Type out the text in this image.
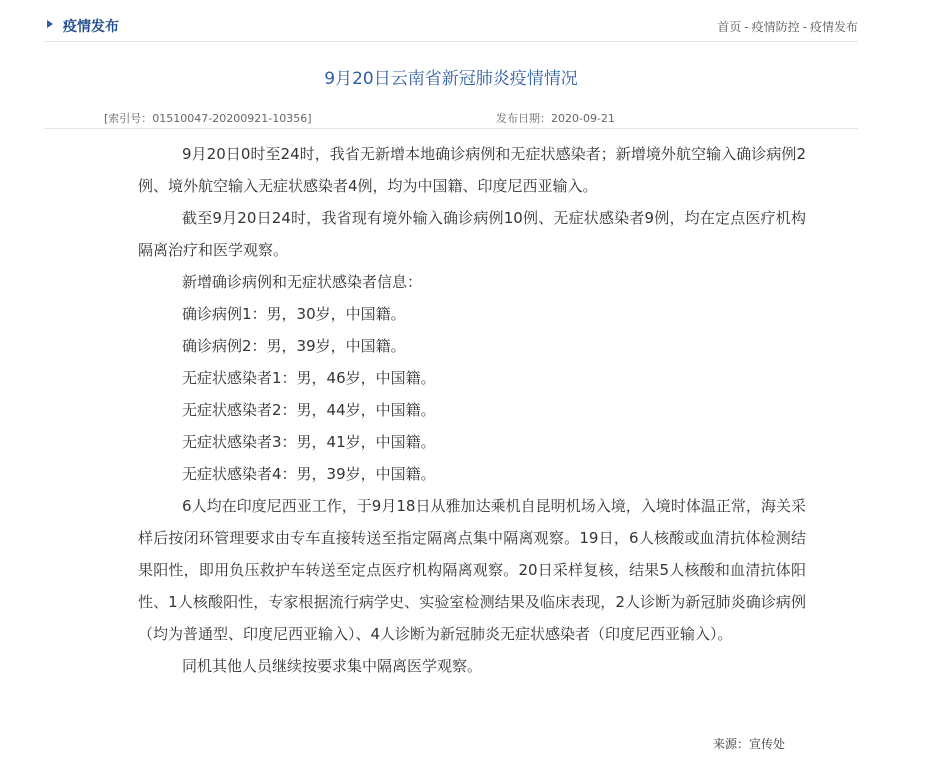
疫情发布	首页 - 疫情防控 - 疫情发布
9月20日云南省新冠肺炎疫情情况
[索引号：01510047-20200921-10356]	发布日期：2020-09-21

9月20日0时至24时，我省无新增本地确诊病例和无症状感染者；新增境外航空输入确诊病例2例、境外航空输入无症状感染者4例，均为中国籍、印度尼西亚输入。

截至9月20日24时，我省现有境外输入确诊病例10例、无症状感染者9例，均在定点医疗机构隔离治疗和医学观察。

新增确诊病例和无症状感染者信息：

确诊病例1：男，30岁，中国籍。

确诊病例2：男，39岁，中国籍。

无症状感染者1：男，46岁，中国籍。

无症状感染者2：男，44岁，中国籍。

无症状感染者3：男，41岁，中国籍。

无症状感染者4：男，39岁，中国籍。

6人均在印度尼西亚工作，于9月18日从雅加达乘机自昆明机场入境，入境时体温正常，海关采样后按闭环管理要求由专车直接转送至指定隔离点集中隔离观察。19日，6人核酸或血清抗体检测结果阳性，即用负压救护车转送至定点医疗机构隔离观察。20日采样复核，结果5人核酸和血清抗体阳性、1人核酸阳性，专家根据流行病学史、实验室检测结果及临床表现，2人诊断为新冠肺炎确诊病例（均为普通型、印度尼西亚输入）、4人诊断为新冠肺炎无症状感染者（印度尼西亚输入）。

同机其他人员继续按要求集中隔离医学观察。

来源：宣传处
